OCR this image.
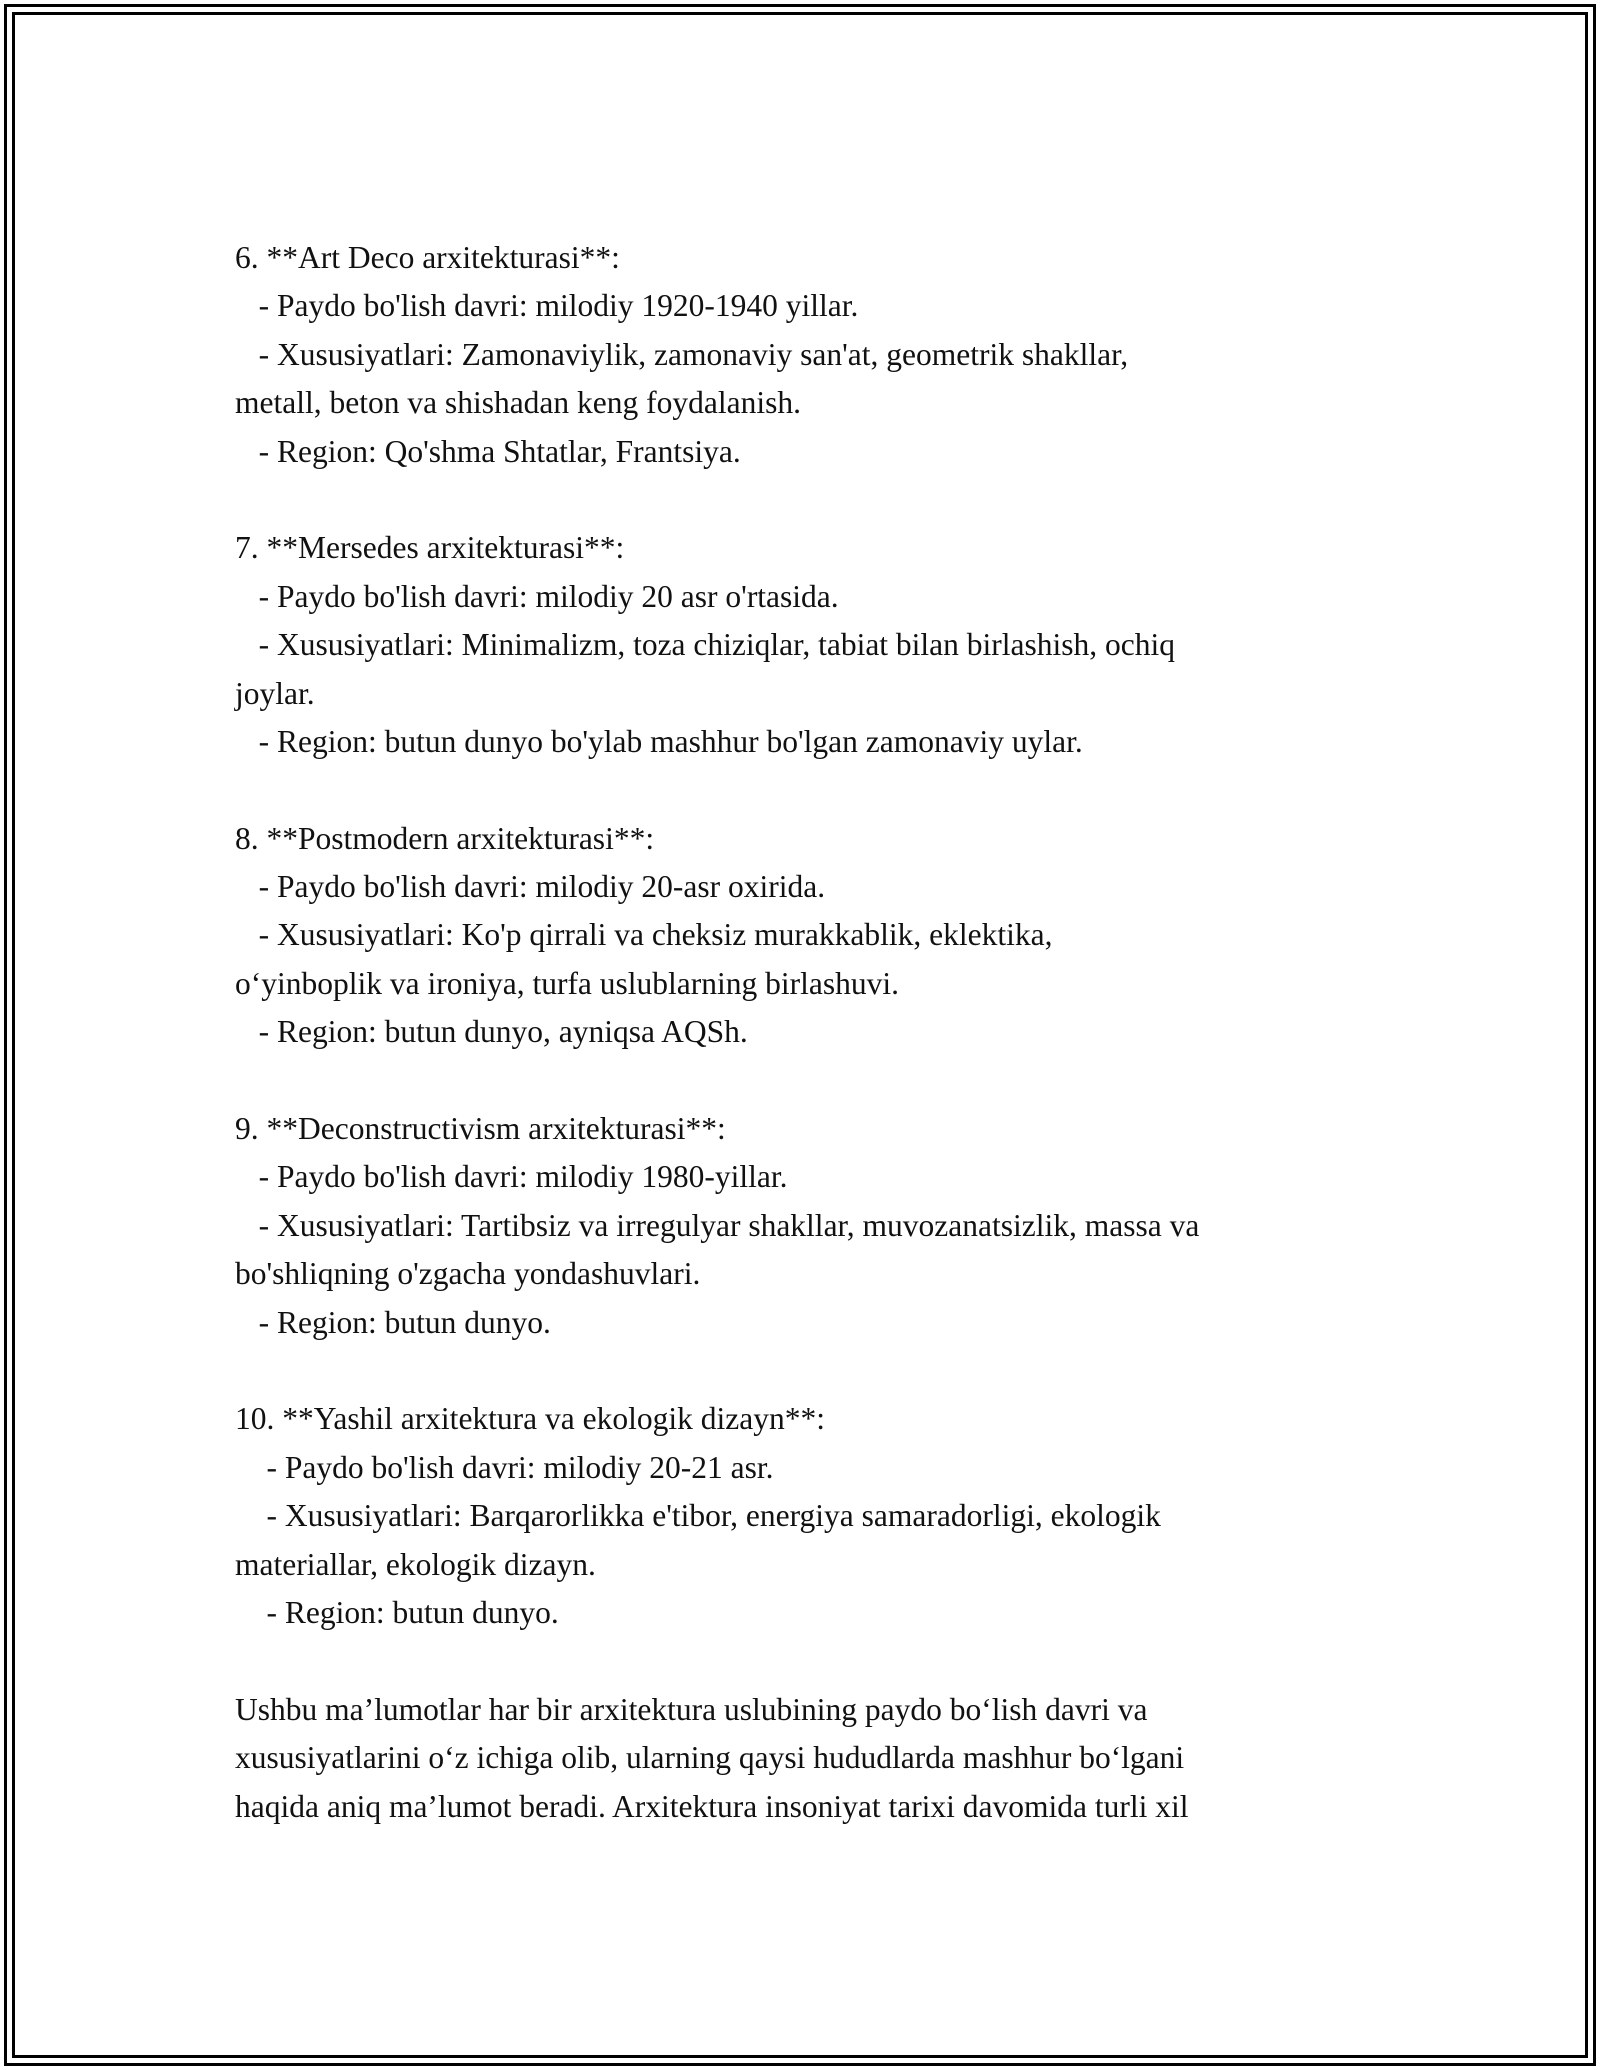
6. **Art Deco arxitekturasi**:
- Paydo bo'lish davri: milodiy 1920-1940 yillar.
- Xususiyatlari: Zamonaviylik, zamonaviy san'at, geometrik shakllar,
metall, beton va shishadan keng foydalanish.
- Region: Qo'shma Shtatlar, Frantsiya.
7. **Mersedes arxitekturasi**:
- Paydo bo'lish davri: milodiy 20 asr o'rtasida.
- Xususiyatlari: Minimalizm, toza chiziqlar, tabiat bilan birlashish, ochiq
joylar.
- Region: butun dunyo bo'ylab mashhur bo'lgan zamonaviy uylar.
8. **Postmodern arxitekturasi**:
- Paydo bo'lish davri: milodiy 20-asr oxirida.
- Xususiyatlari: Ko'p qirrali va cheksiz murakkablik, eklektika,
o‘yinboplik va ironiya, turfa uslublarning birlashuvi.
- Region: butun dunyo, ayniqsa AQSh.
9. **Deconstructivism arxitekturasi**:
- Paydo bo'lish davri: milodiy 1980-yillar.
- Xususiyatlari: Tartibsiz va irregulyar shakllar, muvozanatsizlik, massa va
bo'shliqning o'zgacha yondashuvlari.
- Region: butun dunyo.
10. **Yashil arxitektura va ekologik dizayn**:
- Paydo bo'lish davri: milodiy 20-21 asr.
- Xususiyatlari: Barqarorlikka e'tibor, energiya samaradorligi, ekologik
materiallar, ekologik dizayn.
- Region: butun dunyo.
Ushbu ma’lumotlar har bir arxitektura uslubining paydo bo‘lish davri va
xususiyatlarini o‘z ichiga olib, ularning qaysi hududlarda mashhur bo‘lgani
haqida aniq ma’lumot beradi. Arxitektura insoniyat tarixi davomida turli xil
